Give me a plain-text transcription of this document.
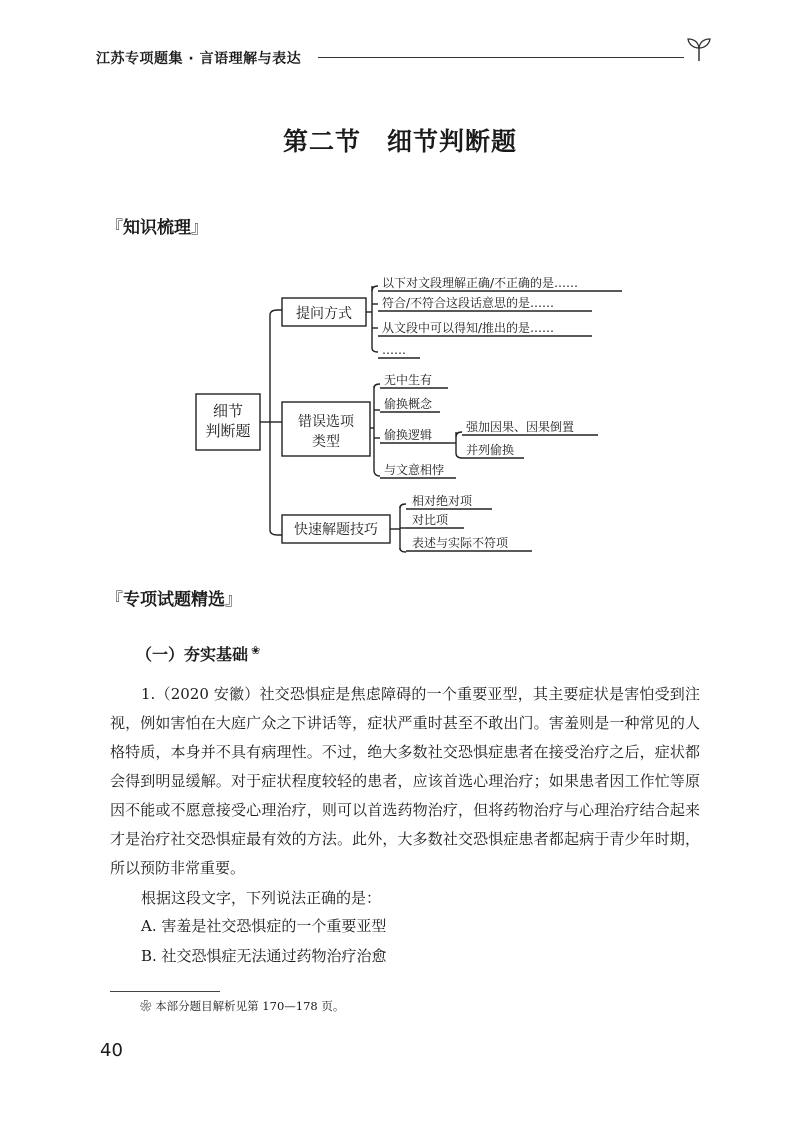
江苏专项题集 · 言语理解与表达
第二节　细节判断题
『知识梳理』
细节
判断题
提问方式
错误选项
类型
快速解题技巧
以下对文段理解正确/不正确的是……
符合/不符合这段话意思的是……
从文段中可以得知/推出的是……
……
无中生有
偷换概念
偷换逻辑
与文意相悖
强加因果、因果倒置
并列偷换
相对绝对项
对比项
表述与实际不符项
『专项试题精选』
（一）夯实基础 ❀

1.（2020 安徽）社交恐惧症是焦虑障碍的一个重要亚型，其主要症状是害怕受到注视，例如害怕在大庭广众之下讲话等，症状严重时甚至不敢出门。害羞则是一种常见的人格特质，本身并不具有病理性。不过，绝大多数社交恐惧症患者在接受治疗之后，症状都会得到明显缓解。对于症状程度较轻的患者，应该首选心理治疗；如果患者因工作忙等原因不能或不愿意接受心理治疗，则可以首选药物治疗，但将药物治疗与心理治疗结合起来才是治疗社交恐惧症最有效的方法。此外，大多数社交恐惧症患者都起病于青少年时期，所以预防非常重要。

根据这段文字，下列说法正确的是：
A. 害羞是社交恐惧症的一个重要亚型
B. 社交恐惧症无法通过药物治疗治愈
❀ 本部分题目解析见第 170—178 页。
40
